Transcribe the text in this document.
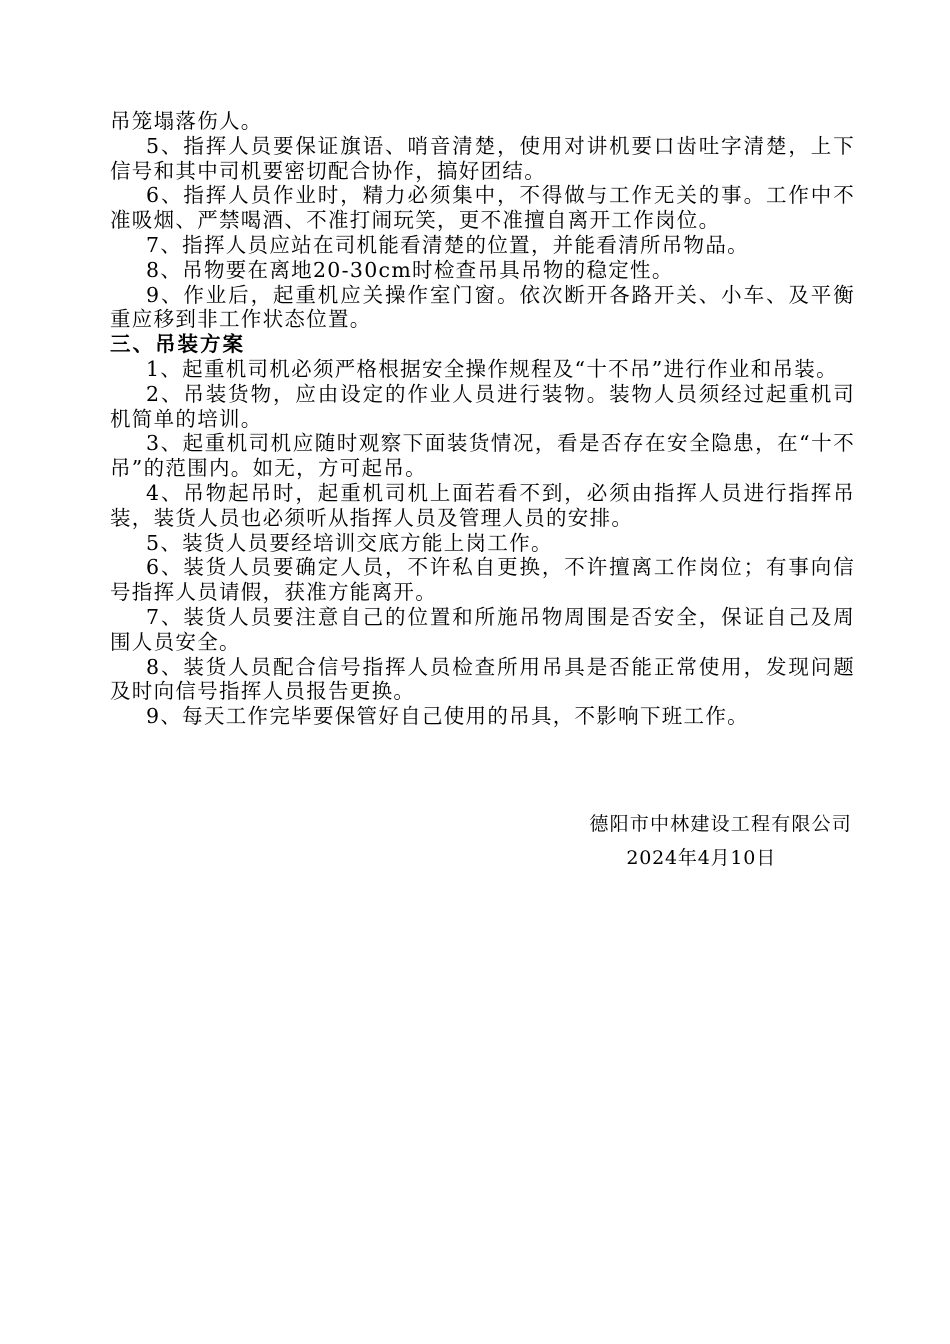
吊笼塌落伤人。

5、指挥人员要保证旗语、哨音清楚，使用对讲机要口齿吐字清楚，上下信号和其中司机要密切配合协作，搞好团结。

6、指挥人员作业时，精力必须集中，不得做与工作无关的事。工作中不准吸烟、严禁喝酒、不准打闹玩笑，更不准擅自离开工作岗位。

7、指挥人员应站在司机能看清楚的位置，并能看清所吊物品。

8、吊物要在离地20-30cm时检查吊具吊物的稳定性。

9、作业后，起重机应关操作室门窗。依次断开各路开关、小车、及平衡重应移到非工作状态位置。

三、吊装方案

1、起重机司机必须严格根据安全操作规程及“十不吊”进行作业和吊装。

2、吊装货物，应由设定的作业人员进行装物。装物人员须经过起重机司机简单的培训。

3、起重机司机应随时观察下面装货情况，看是否存在安全隐患，在“十不吊”的范围内。如无，方可起吊。

4、吊物起吊时，起重机司机上面若看不到，必须由指挥人员进行指挥吊装，装货人员也必须听从指挥人员及管理人员的安排。

5、装货人员要经培训交底方能上岗工作。

6、装货人员要确定人员，不许私自更换，不许擅离工作岗位；有事向信号指挥人员请假，获准方能离开。

7、装货人员要注意自己的位置和所施吊物周围是否安全，保证自己及周围人员安全。

8、装货人员配合信号指挥人员检查所用吊具是否能正常使用，发现问题及时向信号指挥人员报告更换。

9、每天工作完毕要保管好自己使用的吊具，不影响下班工作。

德阳市中林建设工程有限公司
2024年4月10日
